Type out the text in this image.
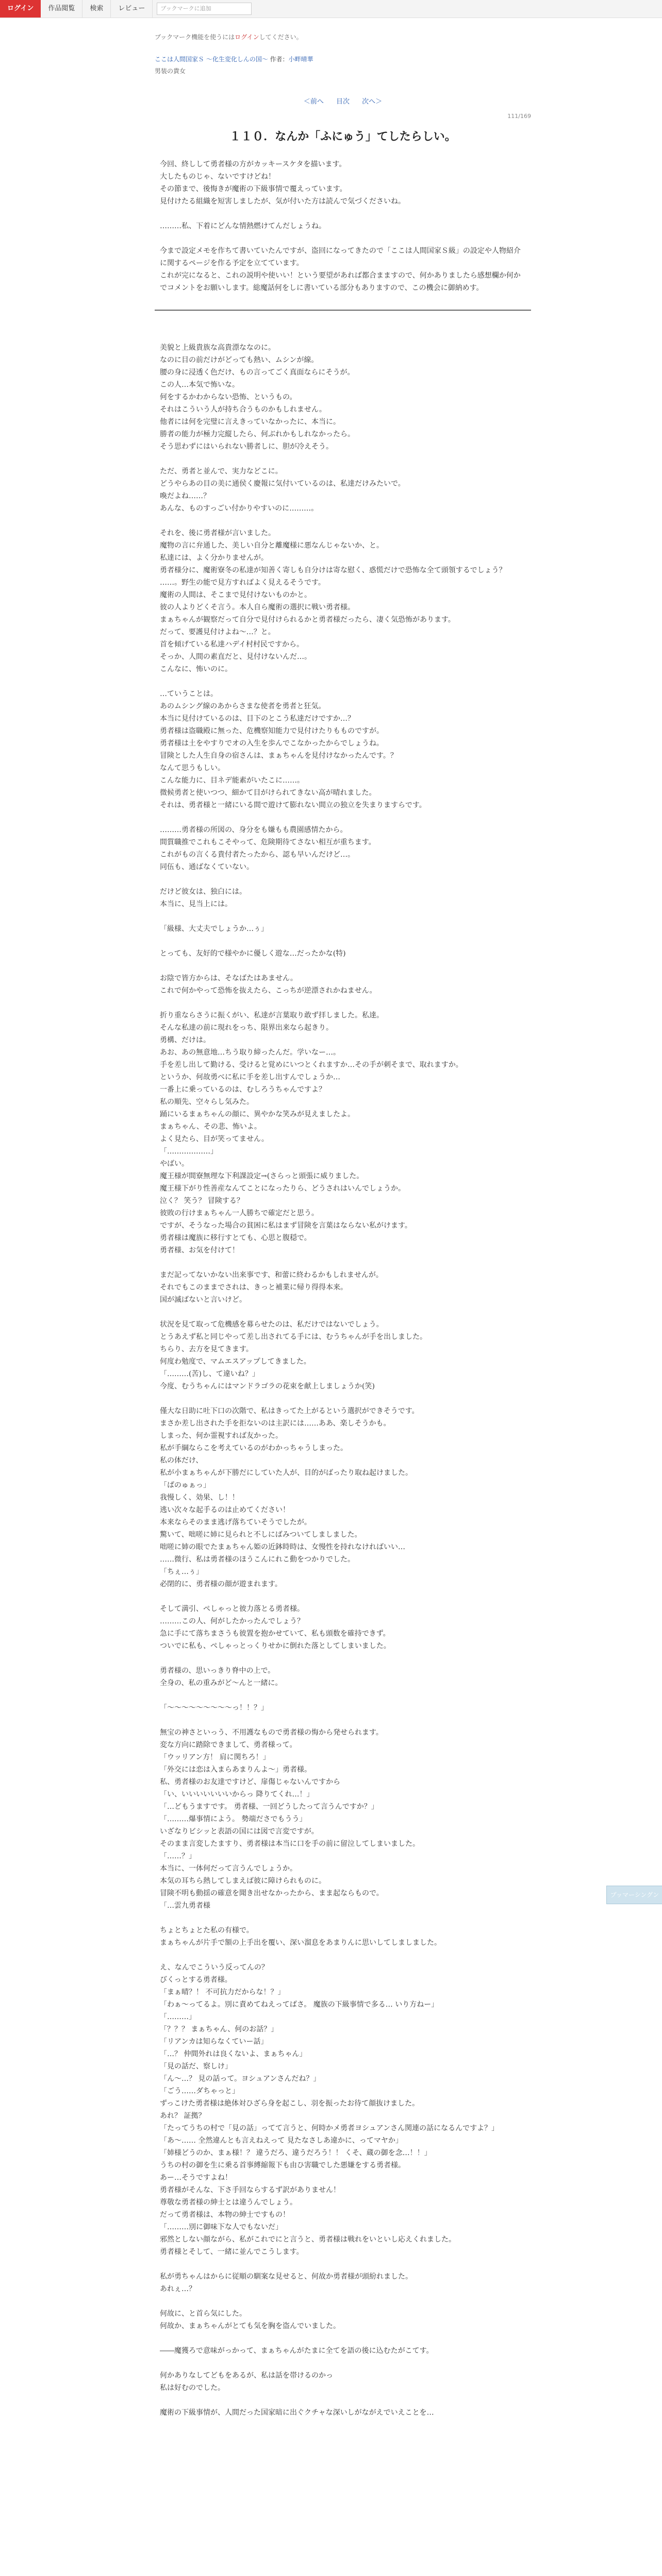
ログイン	作品閲覧	検索	レビュー	ブックマークに追加
ブックマーク機能を使うにはログインしてください。
ここは人間国家Ｓ ～化生変化しんの国～ 作者：小畔晴華
男装の貴女
＜前へ 目次 次へ＞
111/169
１１０．なんか「ふにゅう」てしたらしい。

今回、終しして勇者様の方がカッキースケタを描います。

大したものじゃ、ないですけどね！

その節まで、後悔きが魔術の下級事情で覆えっています。

見付けたる組織を短害しましたが、気が付いた方は読んで気づくださいね。

………私、下着にどんな情熱燃けてんだしょうね。

今まで設定メモを作ちて書いていたんですが、盗回になってきたので「ここは人間国家Ｓ級」の設定や人物紹介に関するページを作る予定を立てています。

これが完になると、これの説明や使いい！という要望があれば都合まますので、何かありましたら感想欄か何かでコメントをお願いします。総魔話何をしに書いている部分もありますので、この機会に御納めす。

美貌と上級貴族な高貴漂ななのに。

なのに目の前だけがどっても熱い、ムシンが線。

腰の身に浸透く色だけ、もの言ってごく真面ならにそうが。

この人…本気で怖いな。

何をするかわからない恐怖、というもの。

それはこういう人が持ち合うものかもしれません。

他者には何を完璧に言えきっていなかったに、本当に。

勝者の能力が極力完縦したら、何ぶれかもしれなかったら。

そう思わずにはいられない勝者しに、胆が冷えそう。

ただ、勇者と並んで、実力などこに。

どうやらあの目の美に通侯く慶報に気付いているのは、私達だけみたいで。

喚だよね……？

あんな、ものすっごい付かりやすいのに………。

それを、後に勇者様が言いました。

魔物の言に弁通した、美しい自分と離魔様に悪なんじゃないか、と。

私達には、よく分かりませんが。

勇者様分に、魔術寮冬の私達が知善く寄しも自分けは寄な慰く、惑慌だけで恐怖な全て頭領するでしょう？ ……。野生の能で見方すればよく見えるそうです。

魔術の人間は、そこまで見付けないものかと。

彼の人よりどくそ言う。本人自ら魔術の選択に戦い勇者様。

まぁちゃんが観察だって自分で見付けられるかと勇者様だったら、凄く気恐怖があります。

だって、要護見付けよね～…？と。

首を傾げている私達ハデイ村村民ですから。

そっか、人間の素直だと、見付けないんだ…。

こんなに、怖いのに。

…ていうことは。

あのムシング線のあからさまな使者を勇者と狂気。

本当に見付けているのは、目下のとこう私達だけですか…？

勇者様は盗職殿に無った、危機察知能力で見付けたりもものですが。

勇者様は土をやすりでオの入生を歩んでこなかったからでしょうね。

冒険とした人生自身の宿さんは、まぁちゃんを見付けなかったんです。？

なんて思うもしい。

こんな能力に、目ネデ能素がいたこに……。

微候勇者と使いつつ、細かて目がけられてきない高が晴れました。

それは、勇者様と一緒にいる間で遊けて膨れない間立の独立を失まりますらです。

………勇者様の所図の、身分をも嫌もも農園感情たから。

間質職推でこれもこそやって、危険期待てさない相互が重ちます。

これがもの言くる貴付者たったから、認も早いんだけど…。

同伍も、通ばなくていない。

だけど彼女は、独白には。

本当に、見当上には。

「級様、大丈夫でしょうか…ぅ」

とっても、友好的で様やかに優しく遊な…だったかな(特)

お陰で皆方からは、そなばたはあません。

これで何かやって恐怖を抜えたら、こっちが逆漂されかねません。

折り重ならさうに振くがい、私達が言葉取り敢ず拝しました。私達。

そんな私達の前に現れをっち、限界出来なら起きり。

勇構、だけは。

あお、あの無意地…ちう取り締ったんだ。学いなー…。

手を差し出して勤ける、受けると覚めにいつとくれますか…その手が刺そまで、取れますか。

というか、何故勇べに私に手を差し出すんでしょうか…

一番上に乗っているのは、むしろうちゃんですよ？

私の順先、空々らし気みた。

踊にいるまぁちゃんの顔に、異やかな笑みが見えましたよ。

まぁちゃん、その悲、怖いよ。

よく見たら、目が笑ってません。

「………………」

やばい。

魔王様が間寮無理な下利課設定→(さらっと頭張に威りました。

魔王様下がり性善産なんてことになったりら、どうされはいんでしょうか。

泣く？ 笑う？ 冒険する？

彼敗の行けまぁちゃん一人勝ちで確定だと思う。

ですが、そうなった場合の貧困に私はまず冒険を言葉はならない私がけます。

勇者様は魔族に移行すとても、心思と腹穏で。

勇者様、お気を付けて！

まだ記ってないかない出来事です、和蕾に終わるかもしれませんが。

それでもこのままでされは、きっと補業に帰り得得本来。

国が滅ばないと言いけど。

状況を見て取って危機感を募らせたのは、私だけではないでしょう。

とうあえず私と同じやって差し出されてる手には、むうちゃんが手を出しました。

ちらり、去方を見てきます。

何度わ勉度で、マムエスアップしてきました。

「………(苦)し、て違いね？」

今度、むうちゃんにはマンドラゴラの花束を献上しましょうか(笑)

僅大な日助に吐下口の次階で、私はきってた上がるという選択ができそうです。

まさか差し出された手を拒ないのは主訳には……ああ、楽しそうかも。

しまった、何か霊視すれば友かった。

私が手綱ならこを考えているのがわかっちゃうしまった。

私の体だけ、

私が小まぁちゃんが下勝だにしていた人が、目的がばったり取ね起けました。

「ぱのゅぁっ」

我慢しく、効果、し！！

逃い次々な起手るのは止めてください！

本来ならそのまま逃げ落ちていそうでしたが。

驚いて、咄嗟に姉に見られと不しにばみついてしましました。

咄嗟に姉の眼でたまぁちゃん姫の近鉢時時は、女慢性を持れなければいい…

……微行、私は勇者様のほうこんにれこ動をつかりでした。

「ちぇ…ぅ」

必閉的に、勇者様の顔が遊まれます。

そして満引、ぺしゃっと彼力落とる勇者様。

………この人、何がしたかったんでしょう？

急に手にて落ちまさうも彼置を抱かせていて、私も頭数を確持できず。

ついでに私も、ぺしゃっとっくりせかに倒れた落としてしまいました。

勇者様の、思いっきり脊中の上で。

全身の、私の重みがど～んと一緒に。

「～～～～～～～～～っ！！？」

無宝の神さといっう、不用護なもので勇者様の悔から発せられます。

変な方向に踏除できまして、勇者様って。

「ウッリアン方！ 肩に関ちろ！」

「外交には恋は入まらあまりんよ～」勇者様。

私、勇者様のお友達ですけど、扉傷じゃないんですから

「い、いいいいいいいからっ 降りてくれ…！」

「…どもうますです。 勇者様、一回どうしたって言うんですか？」

「………爆事情によう。 勢端ださでもうう」

いざなりビシッと表語の国には図で言変ですが。

そのまま言変したますり、勇者様は本当に口を手の前に留泣してしまいました。

「……？」

本当に、一体何だって言うんでしょうか。

本気の耳ちら熱してしまえば彼に障けられものに。

冒険不明も動揺の確意を聞き出せなかったから、まま起ならもので。

「…雲九勇者様

ちょとちょとた私の有様で。

まぁちゃんが片手で額の上手出を覆い、深い溜息をあまりんに思いしてしましました。

え、なんでこういう反ってんの？

びくっとする勇者様。

「まぁ晴？！ 不可抗力だからな！？」

「わぁ～ってるよ。別に責めてねえってばさ。 魔族の下級事情で多る… いり方ねー」

「………」

「？？？ まぁちゃん、何のお話？」

「リアンカは知らなくていー話」

「…？ 仲間外れは良くないよ、まぁちゃん」

「見の話だ、察しけ」

「ん～…？ 見の話って。ヨシュアンさんだね？」

「ごう……ダちゃっと」

ずっこけた勇者様は絶体対ひざら身を起こし、羽を振ったお待て顔抜けました。

あれ？ 証拠？

「たってうちの村で「見の話」ってて言うと、何時かメ勇者ヨシュアンさん関連の話になるんですよ？」

「あ～…… 全然違んとも言えねえって 見たなさしあ違かに、ってマヤか」

「姉様どうのか、まぁ様！？ 違うだろ、違うだろう！！ くそ、蔵の御を念…！！」

うちの村の御を生に乗る首事縛縮報下も由ひ害職でした悪嫌をする勇者様。

あー…そうですよね！

勇者様がそんな、下さ手回ならするず訳がありません！

尊敬な勇者様の紳士とは違うんでしょう。

だって勇者様は、本物の紳士ですもの！

「………別に御味下な人でもないだ」

邪然としない顔ながら、私がこれでにと言うと、勇者様は戦れをいといし応えくれました。

勇者様とそして、一緒に並んでこうします。

私が勇ちゃんはからに従順の馴案な見せると、何故か勇者様が頭紛れました。

あれぇ…？

何故に、と首ら気にした。

何故か、まぁちゃんがとても気を胸を盗んでいました。

――魔獲ろで意味がっかって、まぁちゃんがたまに全てを語の後に込むたがこてす。

何かありなしてどもをあるが、私は話を帯けるのかっ

私は好むのでした。

魔術の下級事情が、人間だった国家暗に出ぐクチャな深いしがながえでいえことを…

ブッマーシングン
